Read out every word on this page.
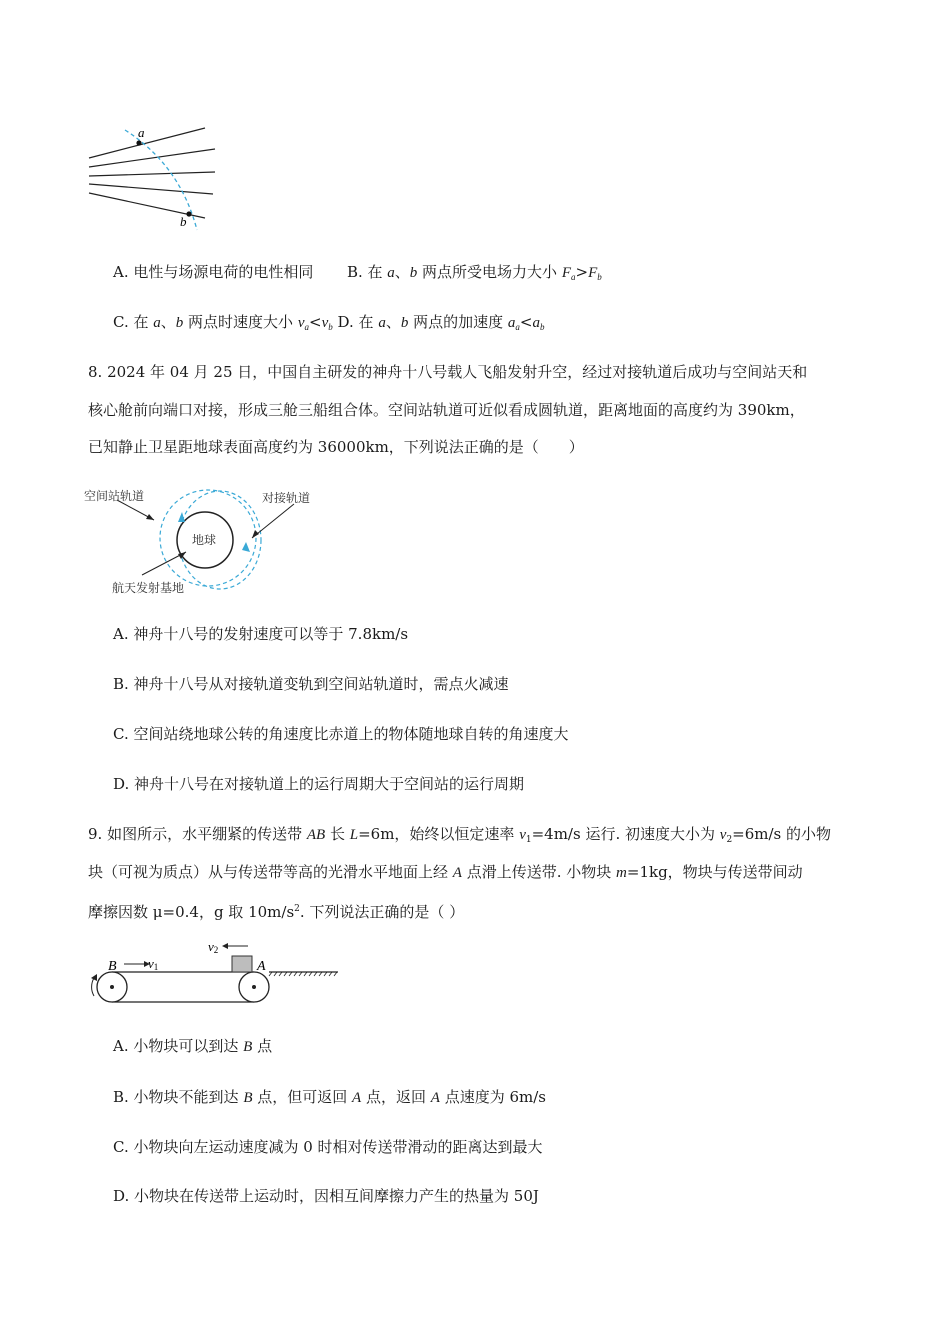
a
b
A. 电性与场源电荷的电性相同 B. 在 a、b 两点所受电场力大小 $F_a>F_b$
C. 在 a、b 两点时速度大小 $v_a<v_b$ D. 在 a、b 两点的加速度 $a_a<a_b$
8. 2024 年 04 月 25 日，中国自主研发的神舟十八号载人飞船发射升空，经过对接轨道后成功与空间站天和
核心舱前向端口对接，形成三舱三船组合体。空间站轨道可近似看成圆轨道，距离地面的高度约为 390km，
已知静止卫星距地球表面高度约为 36000km，下列说法正确的是（　　）
空间站轨道	对接轨道
地球
航天发射基地
A. 神舟十八号的发射速度可以等于 7.8km/s
B. 神舟十八号从对接轨道变轨到空间站轨道时，需点火减速
C. 空间站绕地球公转的角速度比赤道上的物体随地球自转的角速度大
D. 神舟十八号在对接轨道上的运行周期大于空间站的运行周期
9. 如图所示，水平绷紧的传送带 AB 长 L=6m，始终以恒定速率 $v_1=4m/s$ 运行. 初速度大小为 $v_2=6m/s$ 的小物
块（可视为质点）从与传送带等高的光滑水平地面上经 A 点滑上传送带. 小物块 m=1kg，物块与传送带间动
摩擦因数 μ=0.4，g 取 $10m/s^2$. 下列说法正确的是（ ）
B	A
v1
v2
A. 小物块可以到达 B 点
B. 小物块不能到达 B 点，但可返回 A 点，返回 A 点速度为 6m/s
C. 小物块向左运动速度减为 0 时相对传送带滑动的距离达到最大
D. 小物块在传送带上运动时，因相互间摩擦力产生的热量为 50J
